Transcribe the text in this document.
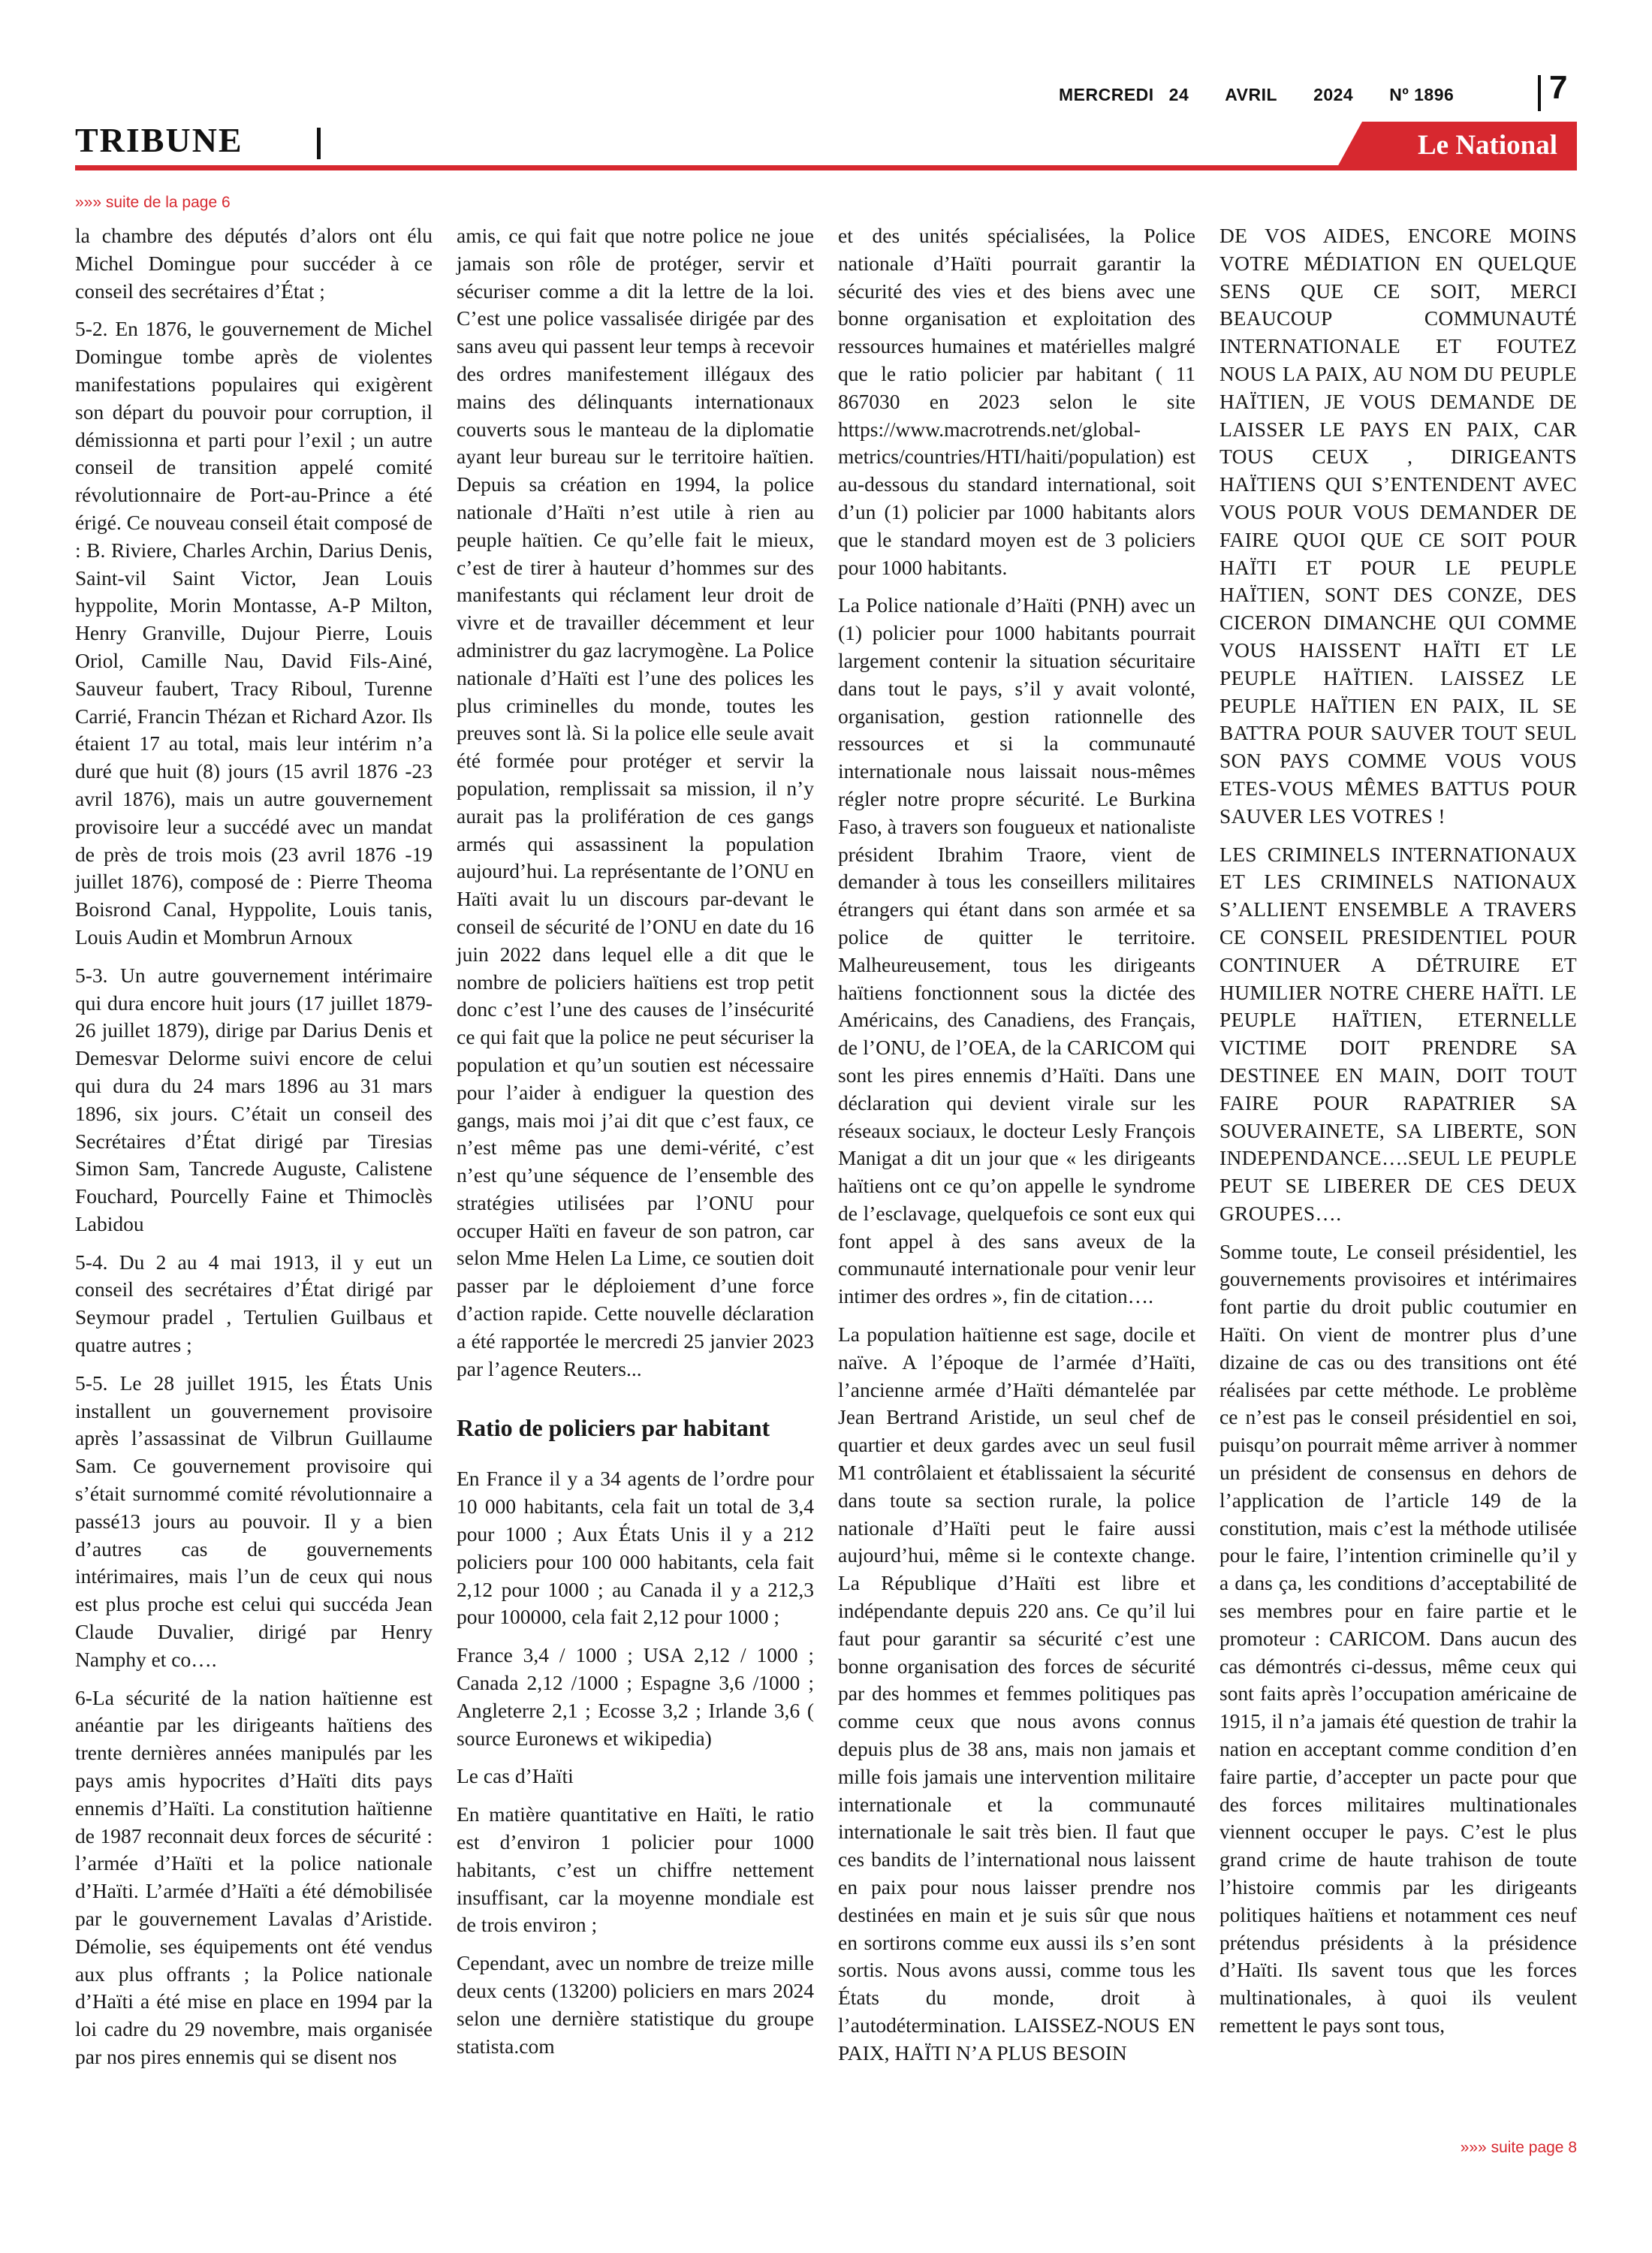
MERCREDI 24 AVRIL 2024 Nº 1896	7
TRIBUNE	Le National
»»» suite de la page 6

la chambre des députés d’alors ont élu Michel Domingue pour succéder à ce conseil des secrétaires d’État ;

5-2. En 1876, le gouvernement de Michel Domingue tombe après de violentes manifestations populaires qui exigèrent son départ du pouvoir pour corruption, il démissionna et parti pour l’exil ; un autre conseil de transition appelé comité révolutionnaire de Port-au-Prince a été érigé. Ce nouveau conseil était composé de : B. Riviere, Charles Archin, Darius Denis, Saint-vil Saint Victor, Jean Louis hyppolite, Morin Montasse, A-P Milton, Henry Granville, Dujour Pierre, Louis Oriol, Camille Nau, David Fils-Ainé, Sauveur faubert, Tracy Riboul, Turenne Carrié, Francin Thézan et Richard Azor. Ils étaient 17 au total, mais leur intérim n’a duré que huit (8) jours (15 avril 1876 -23 avril 1876), mais un autre gouvernement provisoire leur a succédé avec un mandat de près de trois mois (23 avril 1876 -19 juillet 1876), composé de : Pierre Theoma Boisrond Canal, Hyppolite, Louis tanis, Louis Audin et Mombrun Arnoux

5-3. Un autre gouvernement intérimaire qui dura encore huit jours (17 juillet 1879-26 juillet 1879), dirige par Darius Denis et Demesvar Delorme suivi encore de celui qui dura du 24 mars 1896 au 31 mars 1896, six jours. C’était un conseil des Secrétaires d’État dirigé par Tiresias Simon Sam, Tancrede Auguste, Calistene Fouchard, Pourcelly Faine et Thimoclès Labidou

5-4. Du 2 au 4 mai 1913, il y eut un conseil des secrétaires d’État dirigé par Seymour pradel , Tertulien Guilbaus et quatre autres ;

5-5. Le 28 juillet 1915, les États Unis installent un gouvernement provisoire après l’assassinat de Vilbrun Guillaume Sam. Ce gouvernement provisoire qui s’était surnommé comité révolutionnaire a passé13 jours au pouvoir. Il y a bien d’autres cas de gouvernements intérimaires, mais l’un de ceux qui nous est plus proche est celui qui succéda Jean Claude Duvalier, dirigé par Henry Namphy et co….

6-La sécurité de la nation haïtienne est anéantie par les dirigeants haïtiens des trente dernières années manipulés par les pays amis hypocrites d’Haïti dits pays ennemis d’Haïti. La constitution haïtienne de 1987 reconnait deux forces de sécurité : l’armée d’Haïti et la police nationale d’Haïti. L’armée d’Haïti a été démobilisée par le gouvernement Lavalas d’Aristide. Démolie, ses équipements ont été vendus aux plus offrants ; la Police nationale d’Haïti a été mise en place en 1994 par la loi cadre du 29 novembre, mais organisée par nos pires ennemis qui se disent nos

amis, ce qui fait que notre police ne joue jamais son rôle de protéger, servir et sécuriser comme a dit la lettre de la loi. C’est une police vassalisée dirigée par des sans aveu qui passent leur temps à recevoir des ordres manifestement illégaux des mains des délinquants internationaux couverts sous le manteau de la diplomatie ayant leur bureau sur le territoire haïtien. Depuis sa création en 1994, la police nationale d’Haïti n’est utile à rien au peuple haïtien. Ce qu’elle fait le mieux, c’est de tirer à hauteur d’hommes sur des manifestants qui réclament leur droit de vivre et de travailler décemment et leur administrer du gaz lacrymogène. La Police nationale d’Haïti est l’une des polices les plus criminelles du monde, toutes les preuves sont là. Si la police elle seule avait été formée pour protéger et servir la population, remplissait sa mission, il n’y aurait pas la prolifération de ces gangs armés qui assassinent la population aujourd’hui. La représentante de l’ONU en Haïti avait lu un discours par-devant le conseil de sécurité de l’ONU en date du 16 juin 2022 dans lequel elle a dit que le nombre de policiers haïtiens est trop petit donc c’est l’une des causes de l’insécurité ce qui fait que la police ne peut sécuriser la population et qu’un soutien est nécessaire pour l’aider à endiguer la question des gangs, mais moi j’ai dit que c’est faux, ce n’est même pas une demi-vérité, c’est n’est qu’une séquence de l’ensemble des stratégies utilisées par l’ONU pour occuper Haïti en faveur de son patron, car selon Mme Helen La Lime, ce soutien doit passer par le déploiement d’une force d’action rapide. Cette nouvelle déclaration a été rapportée le mercredi 25 janvier 2023 par l’agence Reuters...

Ratio de policiers par habitant

En France il y a 34 agents de l’ordre pour 10 000 habitants, cela fait un total de 3,4 pour 1000 ; Aux États Unis il y a 212 policiers pour 100 000 habitants, cela fait 2,12 pour 1000 ; au Canada il y a 212,3 pour 100000, cela fait 2,12 pour 1000 ;

France 3,4 / 1000 ; USA 2,12 / 1000 ; Canada 2,12 /1000 ; Espagne 3,6 /1000 ; Angleterre 2,1 ; Ecosse 3,2 ; Irlande 3,6 ( source Euronews et wikipedia)

Le cas d’Haïti

En matière quantitative en Haïti, le ratio est d’environ 1 policier pour 1000 habitants, c’est un chiffre nettement insuffisant, car la moyenne mondiale est de trois environ ;

Cependant, avec un nombre de treize mille deux cents (13200) policiers en mars 2024 selon une dernière statistique du groupe statista.com

et des unités spécialisées, la Police nationale d’Haïti pourrait garantir la sécurité des vies et des biens avec une bonne organisation et exploitation des ressources humaines et matérielles malgré que le ratio policier par habitant ( 11 867030 en 2023 selon le site https://www.macrotrends.net/global-metrics/countries/HTI/haiti/population) est au-dessous du standard international, soit d’un (1) policier par 1000 habitants alors que le standard moyen est de 3 policiers pour 1000 habitants.

La Police nationale d’Haïti (PNH) avec un (1) policier pour 1000 habitants pourrait largement contenir la situation sécuritaire dans tout le pays, s’il y avait volonté, organisation, gestion rationnelle des ressources et si la communauté internationale nous laissait nous-mêmes régler notre propre sécurité. Le Burkina Faso, à travers son fougueux et nationaliste président Ibrahim Traore, vient de demander à tous les conseillers militaires étrangers qui étant dans son armée et sa police de quitter le territoire. Malheureusement, tous les dirigeants haïtiens fonctionnent sous la dictée des Américains, des Canadiens, des Français, de l’ONU, de l’OEA, de la CARICOM qui sont les pires ennemis d’Haïti. Dans une déclaration qui devient virale sur les réseaux sociaux, le docteur Lesly François Manigat a dit un jour que « les dirigeants haïtiens ont ce qu’on appelle le syndrome de l’esclavage, quelquefois ce sont eux qui font appel à des sans aveux de la communauté internationale pour venir leur intimer des ordres », fin de citation….

La population haïtienne est sage, docile et naïve. A l’époque de l’armée d’Haïti, l’ancienne armée d’Haïti démantelée par Jean Bertrand Aristide, un seul chef de quartier et deux gardes avec un seul fusil M1 contrôlaient et établissaient la sécurité dans toute sa section rurale, la police nationale d’Haïti peut le faire aussi aujourd’hui, même si le contexte change. La République d’Haïti est libre et indépendante depuis 220 ans. Ce qu’il lui faut pour garantir sa sécurité c’est une bonne organisation des forces de sécurité par des hommes et femmes politiques pas comme ceux que nous avons connus depuis plus de 38 ans, mais non jamais et mille fois jamais une intervention militaire internationale et la communauté internationale le sait très bien. Il faut que ces bandits de l’international nous laissent en paix pour nous laisser prendre nos destinées en main et je suis sûr que nous en sortirons comme eux aussi ils s’en sont sortis. Nous avons aussi, comme tous les États du monde, droit à l’autodétermination. LAISSEZ-NOUS EN PAIX, HAÏTI N’A PLUS BESOIN

DE VOS AIDES, ENCORE MOINS VOTRE MÉDIATION EN QUELQUE SENS QUE CE SOIT, MERCI BEAUCOUP COMMUNAUTÉ INTERNATIONALE ET FOUTEZ NOUS LA PAIX, AU NOM DU PEUPLE HAÏTIEN, JE VOUS DEMANDE DE LAISSER LE PAYS EN PAIX, CAR TOUS CEUX , DIRIGEANTS HAÏTIENS QUI S’ENTENDENT AVEC VOUS POUR VOUS DEMANDER DE FAIRE QUOI QUE CE SOIT POUR HAÏTI ET POUR LE PEUPLE HAÏTIEN, SONT DES CONZE, DES CICERON DIMANCHE QUI COMME VOUS HAISSENT HAÏTI ET LE PEUPLE HAÏTIEN. LAISSEZ LE PEUPLE HAÏTIEN EN PAIX, IL SE BATTRA POUR SAUVER TOUT SEUL SON PAYS COMME VOUS VOUS ETES-VOUS MÊMES BATTUS POUR SAUVER LES VOTRES !

LES CRIMINELS INTERNATIONAUX ET LES CRIMINELS NATIONAUX S’ALLIENT ENSEMBLE A TRAVERS CE CONSEIL PRESIDENTIEL POUR CONTINUER A DÉTRUIRE ET HUMILIER NOTRE CHERE HAÏTI. LE PEUPLE HAÏTIEN, ETERNELLE VICTIME DOIT PRENDRE SA DESTINEE EN MAIN, DOIT TOUT FAIRE POUR RAPATRIER SA SOUVERAINETE, SA LIBERTE, SON INDEPENDANCE….SEUL LE PEUPLE PEUT SE LIBERER DE CES DEUX GROUPES….

Somme toute, Le conseil présidentiel, les gouvernements provisoires et intérimaires font partie du droit public coutumier en Haïti. On vient de montrer plus d’une dizaine de cas ou des transitions ont été réalisées par cette méthode. Le problème ce n’est pas le conseil présidentiel en soi, puisqu’on pourrait même arriver à nommer un président de consensus en dehors de l’application de l’article 149 de la constitution, mais c’est la méthode utilisée pour le faire, l’intention criminelle qu’il y a dans ça, les conditions d’acceptabilité de ses membres pour en faire partie et le promoteur : CARICOM. Dans aucun des cas démontrés ci-dessus, même ceux qui sont faits après l’occupation américaine de 1915, il n’a jamais été question de trahir la nation en acceptant comme condition d’en faire partie, d’accepter un pacte pour que des forces militaires multinationales viennent occuper le pays. C’est le plus grand crime de haute trahison de toute l’histoire commis par les dirigeants politiques haïtiens et notamment ces neuf prétendus présidents à la présidence d’Haïti. Ils savent tous que les forces multinationales, à quoi ils veulent remettent le pays sont tous,

»»» suite page 8
